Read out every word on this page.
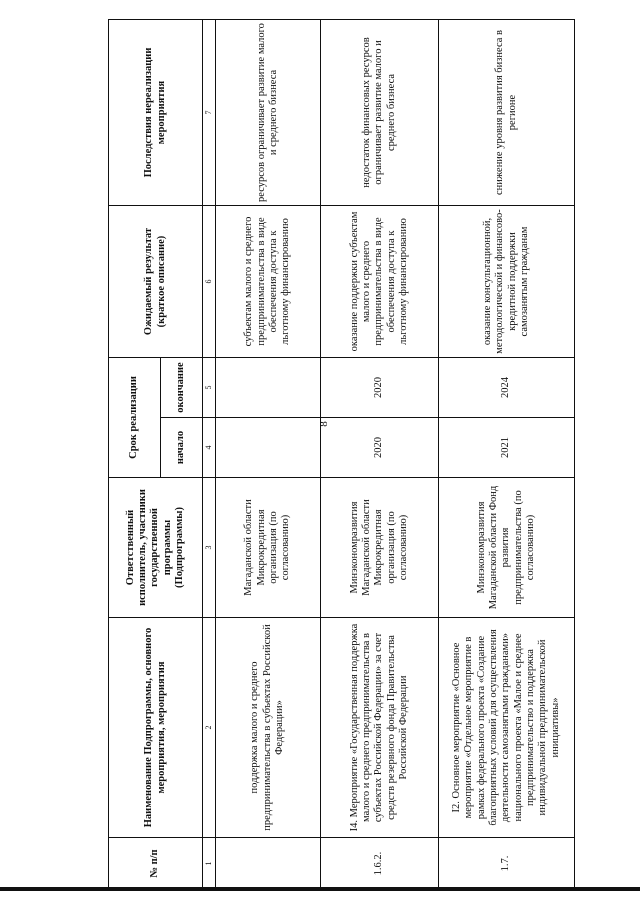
8
№ п/п	Наименование Подпрограммы, основного мероприятия, мероприятия	Ответственный исполнитель, участники государственной программы (Подпрограммы)	Срок реализации		Ожидаемый результат (краткое описание)	Последствия нереализации мероприятия
			начало	окончание		
1	2	3	4	5	6	7
	поддержка малого и среднего предпринимательства в субъектах Российской Федерации»	Магаданской области Микрокредитная организация (по согласованию)			субъектам малого и среднего предпринимательства в виде обеспечения доступа к льготному финансированию	ресурсов ограничивает развитие малого и среднего бизнеса
1.6.2.	I4. Мероприятие «Государственная поддержка малого и среднего предпринимательства в субъектах Российской Федерации» за счет средств резервного фонда Правительства Российской Федерации	Минэкономразвития Магаданской области Микрокредитная организация (по согласованию)	2020	2020	оказание поддержки субъектам малого и среднего предпринимательства в виде обеспечения доступа к льготному финансированию	недостаток финансовых ресурсов ограничивает развитие малого и среднего бизнеса
1.7.	I2. Основное мероприятие «Основное мероприятие «Отдельное мероприятие в рамках федерального проекта «Создание благоприятных условий для осуществления деятельности самозанятыми гражданами» национального проекта «Малое и среднее предпринимательство и поддержка индивидуальной предпринимательской инициативы»	Минэкономразвития Магаданской области Фонд развития предпринимательства (по согласованию)	2021	2024	оказание консультационной, методологической и финансово-кредитной поддержки самозанятым гражданам	снижение уровня развития бизнеса в регионе
